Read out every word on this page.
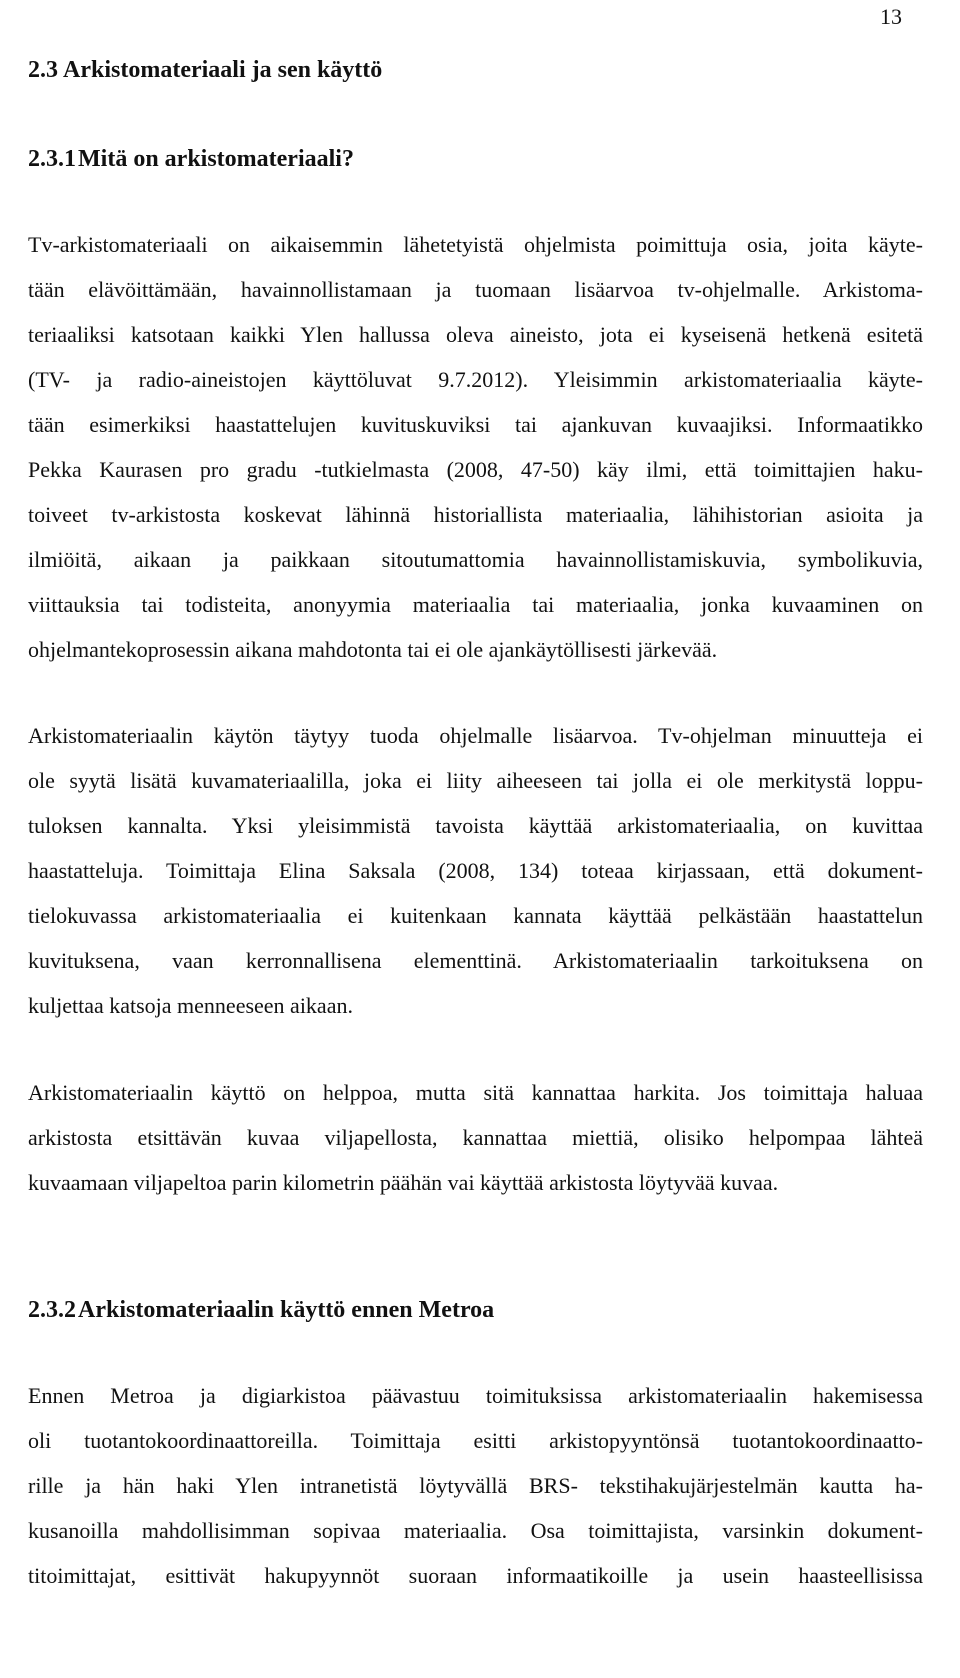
13
2.3 Arkistomateriaali ja sen käyttö
2.3.1 Mitä on arkistomateriaali?
Tv-arkistomateriaali on aikaisemmin lähetetyistä ohjelmista poimittuja osia, joita käyte-
tään elävöittämään, havainnollistamaan ja tuomaan lisäarvoa tv-ohjelmalle. Arkistoma-
teriaaliksi katsotaan kaikki Ylen hallussa oleva aineisto, jota ei kyseisenä hetkenä esitetä
(TV- ja radio-aineistojen käyttöluvat 9.7.2012). Yleisimmin arkistomateriaalia käyte-
tään esimerkiksi haastattelujen kuvituskuviksi tai ajankuvan kuvaajiksi. Informaatikko
Pekka Kaurasen pro gradu -tutkielmasta (2008, 47-50) käy ilmi, että toimittajien haku-
toiveet tv-arkistosta koskevat lähinnä historiallista materiaalia, lähihistorian asioita ja
ilmiöitä, aikaan ja paikkaan sitoutumattomia havainnollistamiskuvia, symbolikuvia,
viittauksia tai todisteita, anonyymia materiaalia tai materiaalia, jonka kuvaaminen on
ohjelmantekoprosessin aikana mahdotonta tai ei ole ajankäytöllisesti järkevää.
Arkistomateriaalin käytön täytyy tuoda ohjelmalle lisäarvoa. Tv-ohjelman minuutteja ei
ole syytä lisätä kuvamateriaalilla, joka ei liity aiheeseen tai jolla ei ole merkitystä loppu-
tuloksen kannalta. Yksi yleisimmistä tavoista käyttää arkistomateriaalia, on kuvittaa
haastatteluja. Toimittaja Elina Saksala (2008, 134) toteaa kirjassaan, että dokument-
tielokuvassa arkistomateriaalia ei kuitenkaan kannata käyttää pelkästään haastattelun
kuvituksena, vaan kerronnallisena elementtinä. Arkistomateriaalin tarkoituksena on
kuljettaa katsoja menneeseen aikaan.
Arkistomateriaalin käyttö on helppoa, mutta sitä kannattaa harkita. Jos toimittaja haluaa
arkistosta etsittävän kuvaa viljapellosta, kannattaa miettiä, olisiko helpompaa lähteä
kuvaamaan viljapeltoa parin kilometrin päähän vai käyttää arkistosta löytyvää kuvaa.
2.3.2 Arkistomateriaalin käyttö ennen Metroa
Ennen Metroa ja digiarkistoa päävastuu toimituksissa arkistomateriaalin hakemisessa
oli tuotantokoordinaattoreilla. Toimittaja esitti arkistopyyntönsä tuotantokoordinaatto-
rille ja hän haki Ylen intranetistä löytyvällä BRS- tekstihakujärjestelmän kautta ha-
kusanoilla mahdollisimman sopivaa materiaalia. Osa toimittajista, varsinkin dokument-
titoimittajat, esittivät hakupyynnöt suoraan informaatikoille ja usein haasteellisissa
